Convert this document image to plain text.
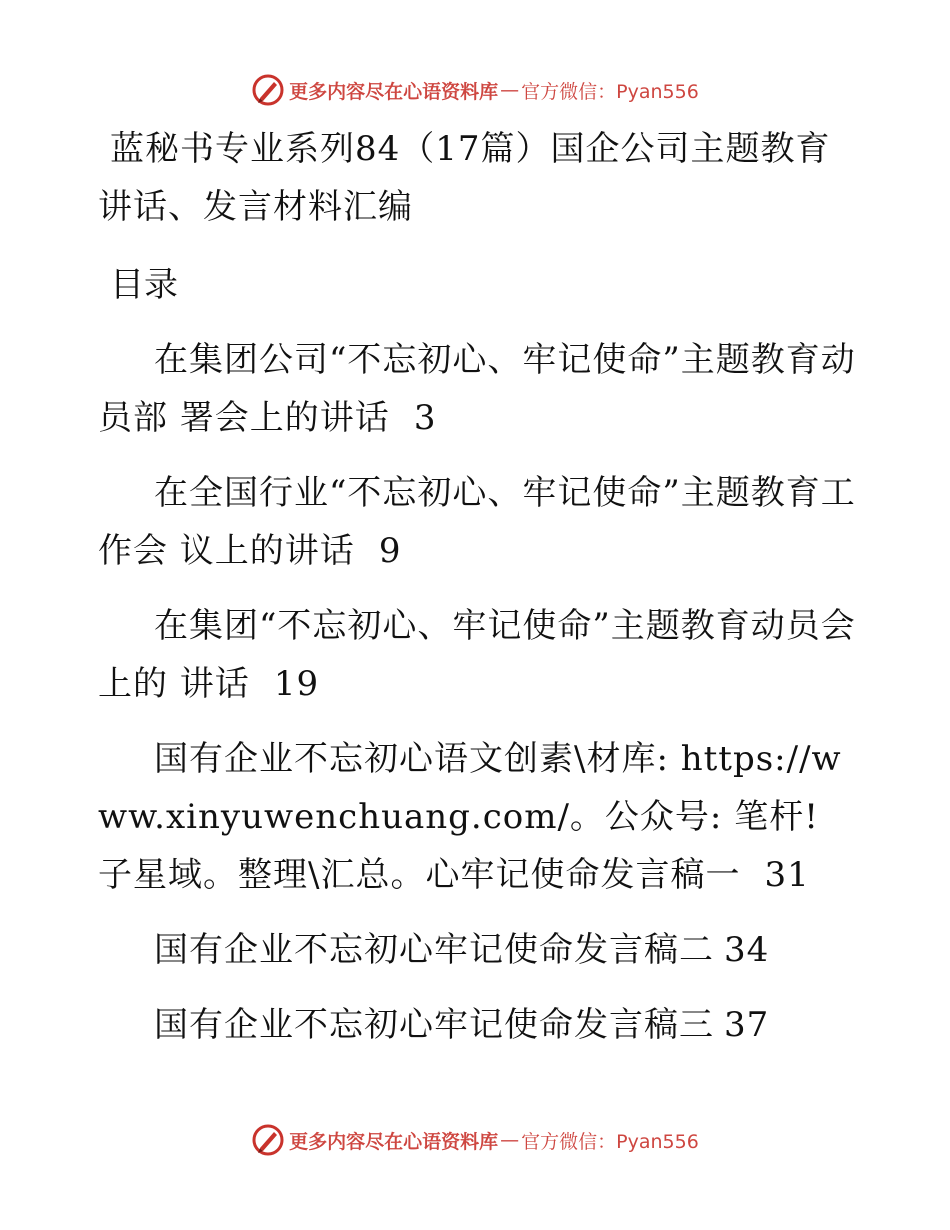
更多内容尽在心语资料库 — 官方微信：Pyan556
蓝秘书专业系列84（17篇）国企公司主题教育讲话、发言材料汇编
目录
在集团公司“不忘初心、牢记使命”主题教育动员部 署会上的讲话 3
在全国行业“不忘初心、牢记使命”主题教育工作会 议上的讲话 9
在集团“不忘初心、牢记使命”主题教育动员会上的 讲话 19
国有企业不忘初心语文创素\材库: https://www.xinyuwenchuang.com/。公众号: 笔杆! 子星域。整理\汇总。心牢记使命发言稿一 31
国有企业不忘初心牢记使命发言稿二 34
国有企业不忘初心牢记使命发言稿三 37
更多内容尽在心语资料库 — 官方微信：Pyan556
